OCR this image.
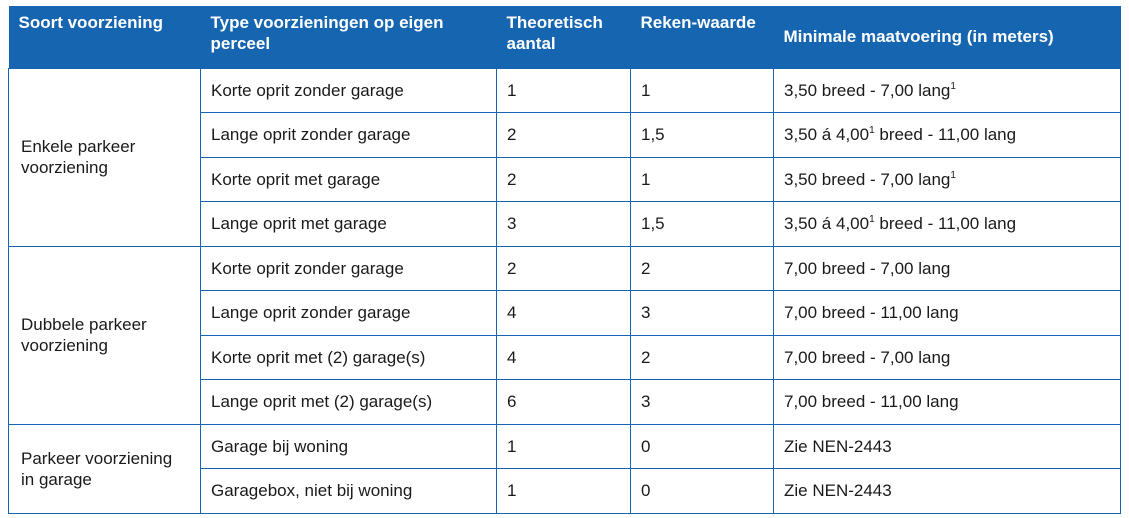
Soort voorziening	Type voorzieningen op eigen perceel	Theoretisch aantal	Reken-waarde	Minimale maatvoering (in meters)
Enkele parkeer voorziening	Korte oprit zonder garage	1	1	3,50 breed - 7,00 lang$^1$
	Lange oprit zonder garage	2	1,5	3,50 á 4,00$^1$ breed - 11,00 lang
	Korte oprit met garage	2	1	3,50 breed - 7,00 lang$^1$
	Lange oprit met garage	3	1,5	3,50 á 4,00$^1$ breed - 11,00 lang
Dubbele parkeer voorziening	Korte oprit zonder garage	2	2	7,00 breed - 7,00 lang
	Lange oprit zonder garage	4	3	7,00 breed - 11,00 lang
	Korte oprit met (2) garage(s)	4	2	7,00 breed - 7,00 lang
	Lange oprit met (2) garage(s)	6	3	7,00 breed - 11,00 lang
Parkeer voorziening in garage	Garage bij woning	1	0	Zie NEN-2443
	Garagebox, niet bij woning	1	0	Zie NEN-2443
